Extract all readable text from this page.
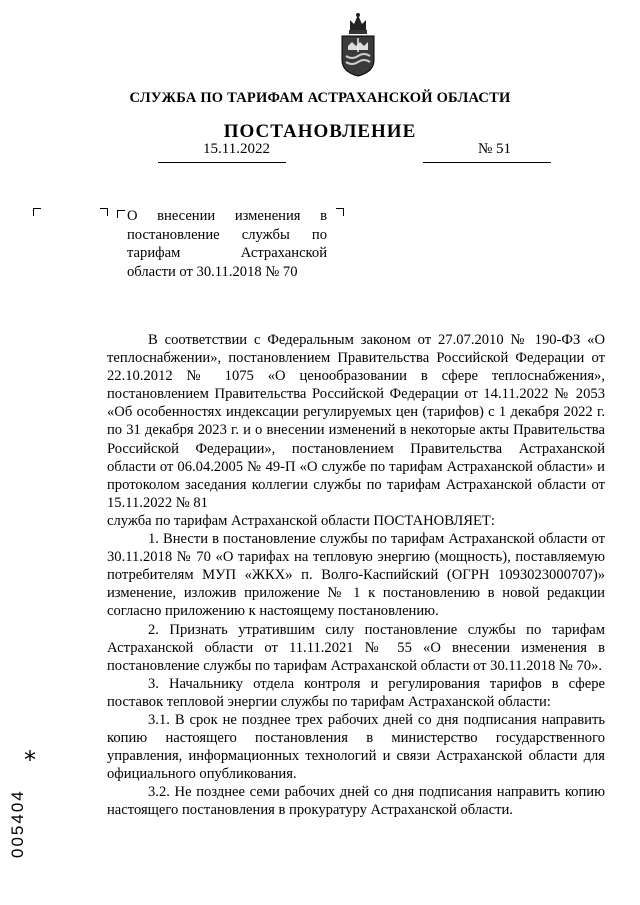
СЛУЖБА ПО ТАРИФАМ АСТРАХАНСКОЙ ОБЛАСТИ
ПОСТАНОВЛЕНИЕ
15.11.2022	№ 51
О внесении изменения в
постановление службы по
тарифам Астраханской
области от 30.11.2018 № 70
В соответствии с Федеральным законом от 27.07.2010 № 190-ФЗ «О теплоснабжении», постановлением Правительства Российской Федерации от 22.10.2012 № 1075 «О ценообразовании в сфере теплоснабжения», постановлением Правительства Российской Федерации от 14.11.2022 № 2053 «Об особенностях индексации регулируемых цен (тарифов) с 1 декабря 2022 г. по 31 декабря 2023 г. и о внесении изменений в некоторые акты Правительства Российской Федерации», постановлением Правительства Астраханской области от 06.04.2005 № 49-П «О службе по тарифам Астраханской области» и протоколом заседания коллегии службы по тарифам Астраханской области от 15.11.2022 № 81
служба по тарифам Астраханской области ПОСТАНОВЛЯЕТ:
1. Внести в постановление службы по тарифам Астраханской области от 30.11.2018 № 70 «О тарифах на тепловую энергию (мощность), поставляемую потребителям МУП «ЖКХ» п. Волго-Каспийский (ОГРН 1093023000707)» изменение, изложив приложение № 1 к постановлению в новой редакции согласно приложению к настоящему постановлению.
2. Признать утратившим силу постановление службы по тарифам Астраханской области от 11.11.2021 № 55 «О внесении изменения в постановление службы по тарифам Астраханской области от 30.11.2018 № 70».
3. Начальнику отдела контроля и регулирования тарифов в сфере поставок тепловой энергии службы по тарифам Астраханской области:
3.1. В срок не позднее трех рабочих дней со дня подписания направить копию настоящего постановления в министерство государственного управления, информационных технологий и связи Астраханской области для официального опубликования.
3.2. Не позднее семи рабочих дней со дня подписания направить копию настоящего постановления в прокуратуру Астраханской области.
*
005404
